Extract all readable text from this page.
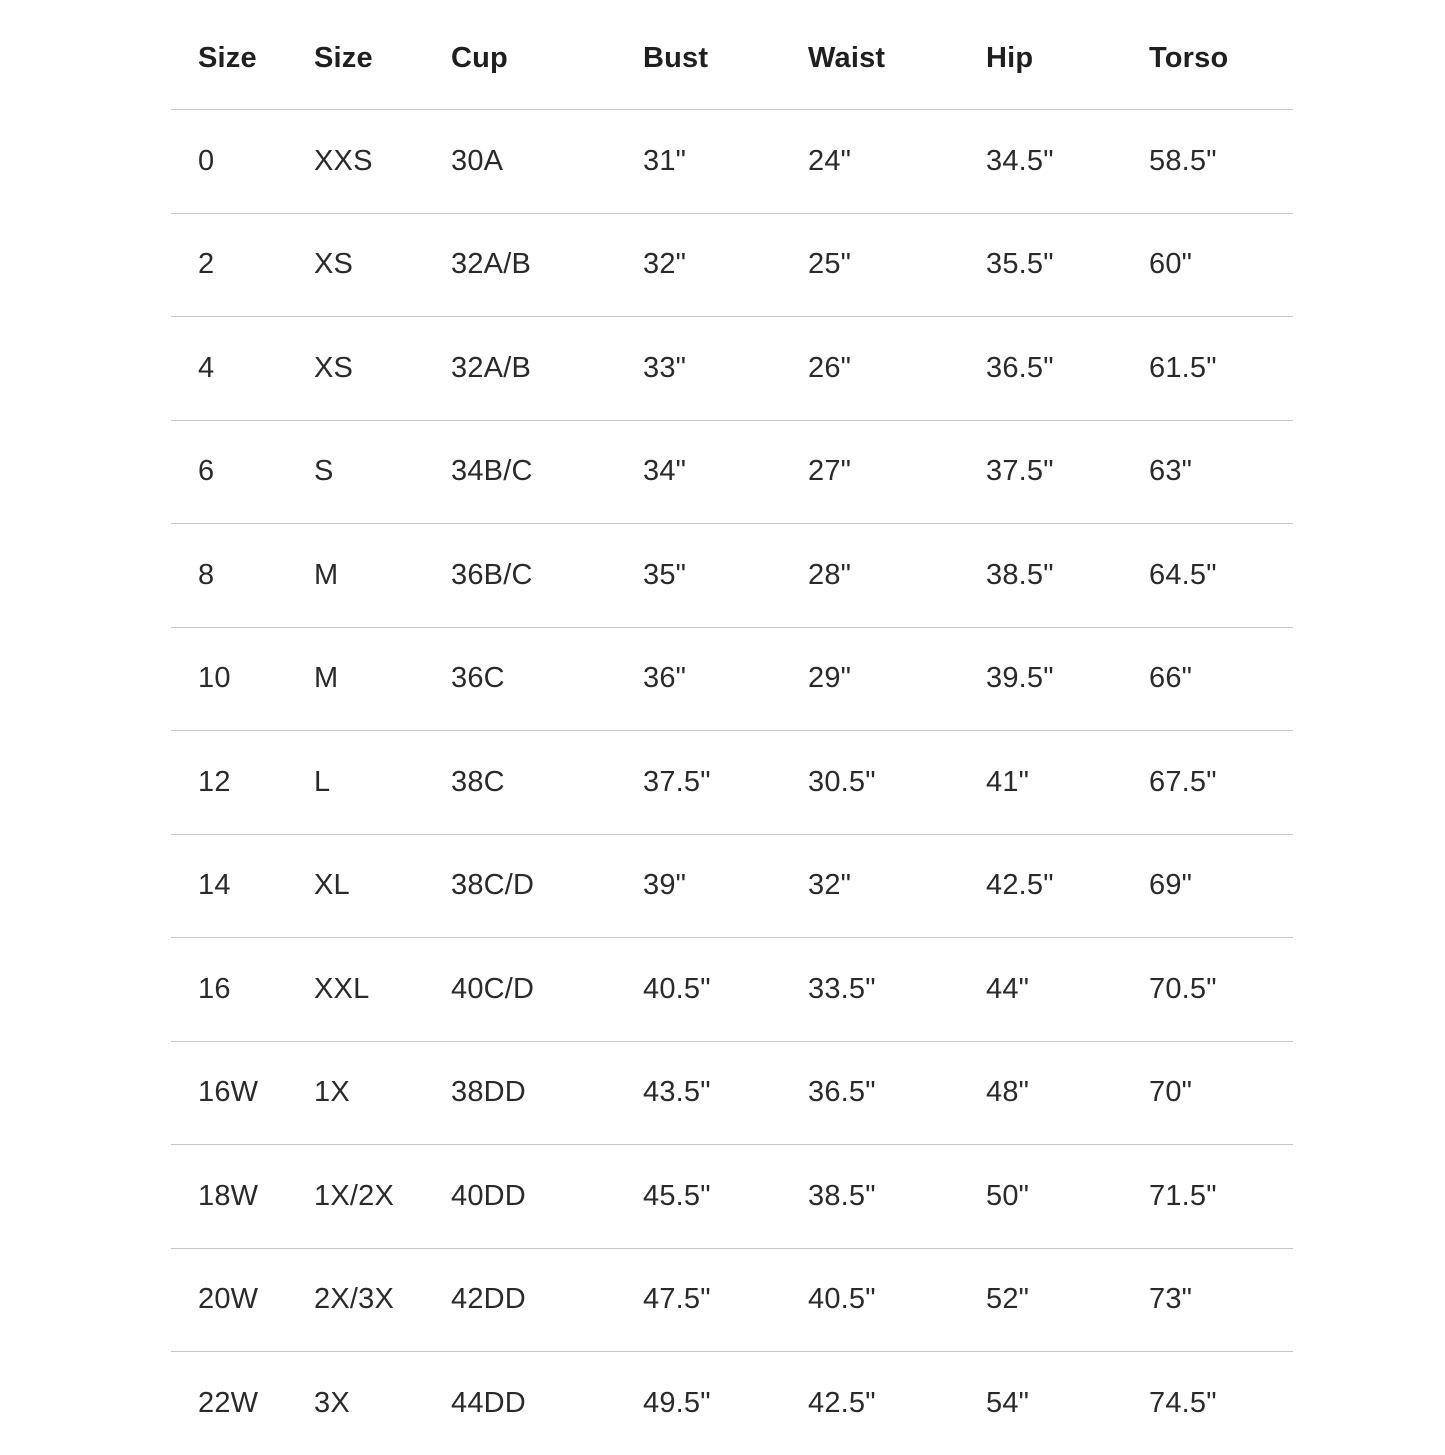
Size	Size	Cup	Bust	Waist	Hip	Torso
0	XXS	30A	31"	24"	34.5"	58.5"
2	XS	32A/B	32"	25"	35.5"	60"
4	XS	32A/B	33"	26"	36.5"	61.5"
6	S	34B/C	34"	27"	37.5"	63"
8	M	36B/C	35"	28"	38.5"	64.5"
10	M	36C	36"	29"	39.5"	66"
12	L	38C	37.5"	30.5"	41"	67.5"
14	XL	38C/D	39"	32"	42.5"	69"
16	XXL	40C/D	40.5"	33.5"	44"	70.5"
16W	1X	38DD	43.5"	36.5"	48"	70"
18W	1X/2X	40DD	45.5"	38.5"	50"	71.5"
20W	2X/3X	42DD	47.5"	40.5"	52"	73"
22W	3X	44DD	49.5"	42.5"	54"	74.5"
